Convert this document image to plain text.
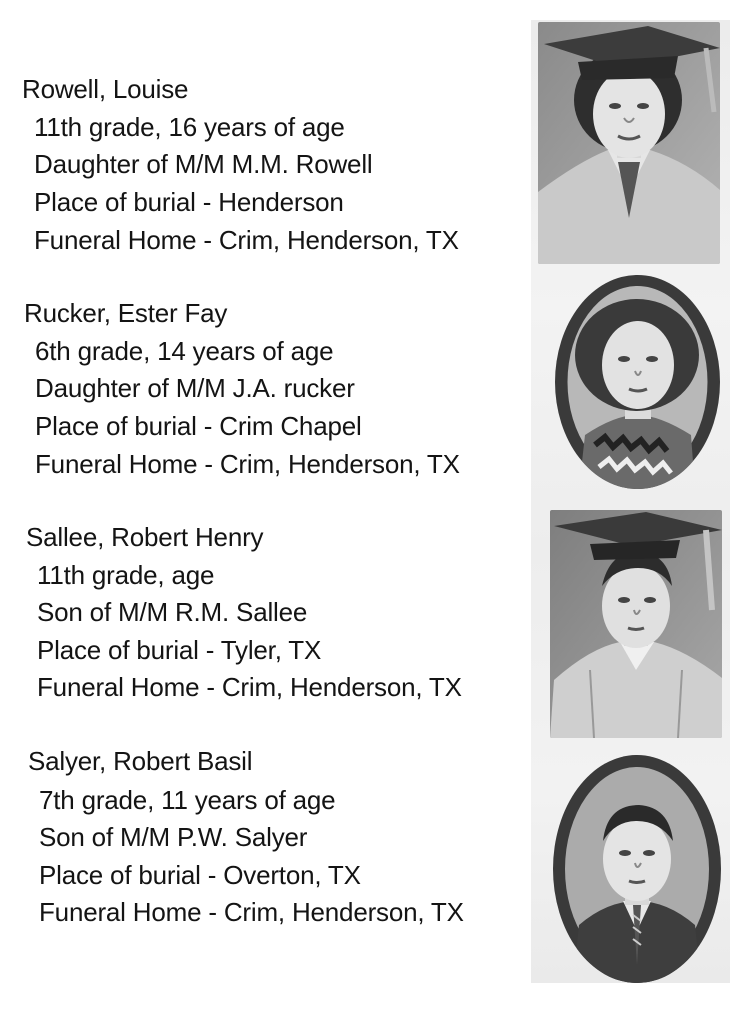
Rowell, Louise
11th grade, 16 years of age
Daughter of M/M M.M. Rowell
Place of burial - Henderson
Funeral Home - Crim, Henderson, TX
Rucker, Ester Fay
6th grade, 14 years of age
Daughter of M/M J.A. rucker
Place of burial - Crim Chapel
Funeral Home - Crim, Henderson, TX
Sallee, Robert Henry
11th grade, age
Son of M/M R.M. Sallee
Place of burial - Tyler, TX
Funeral Home - Crim, Henderson, TX
Salyer, Robert Basil
7th grade, 11 years of age
Son of M/M P.W. Salyer
Place of burial - Overton, TX
Funeral Home - Crim, Henderson, TX
